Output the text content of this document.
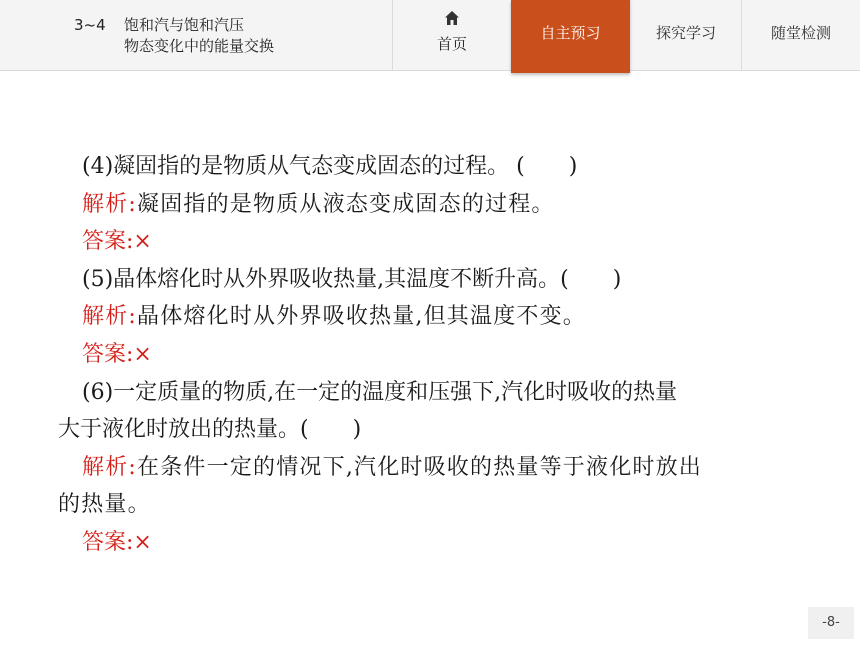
3~4	饱和汽与饱和汽压
物态变化中的能量交换	首页
自主预习	探究学习	随堂检测
(4)凝固指的是物质从气态变成固态的过程。 (　　)
解析:凝固指的是物质从液态变成固态的过程。
答案:×
(5)晶体熔化时从外界吸收热量,其温度不断升高。(　　)
解析:晶体熔化时从外界吸收热量,但其温度不变。
答案:×
(6)一定质量的物质,在一定的温度和压强下,汽化时吸收的热量
大于液化时放出的热量。(　　)
解析:在条件一定的情况下,汽化时吸收的热量等于液化时放出
的热量。
答案:×
-8-
